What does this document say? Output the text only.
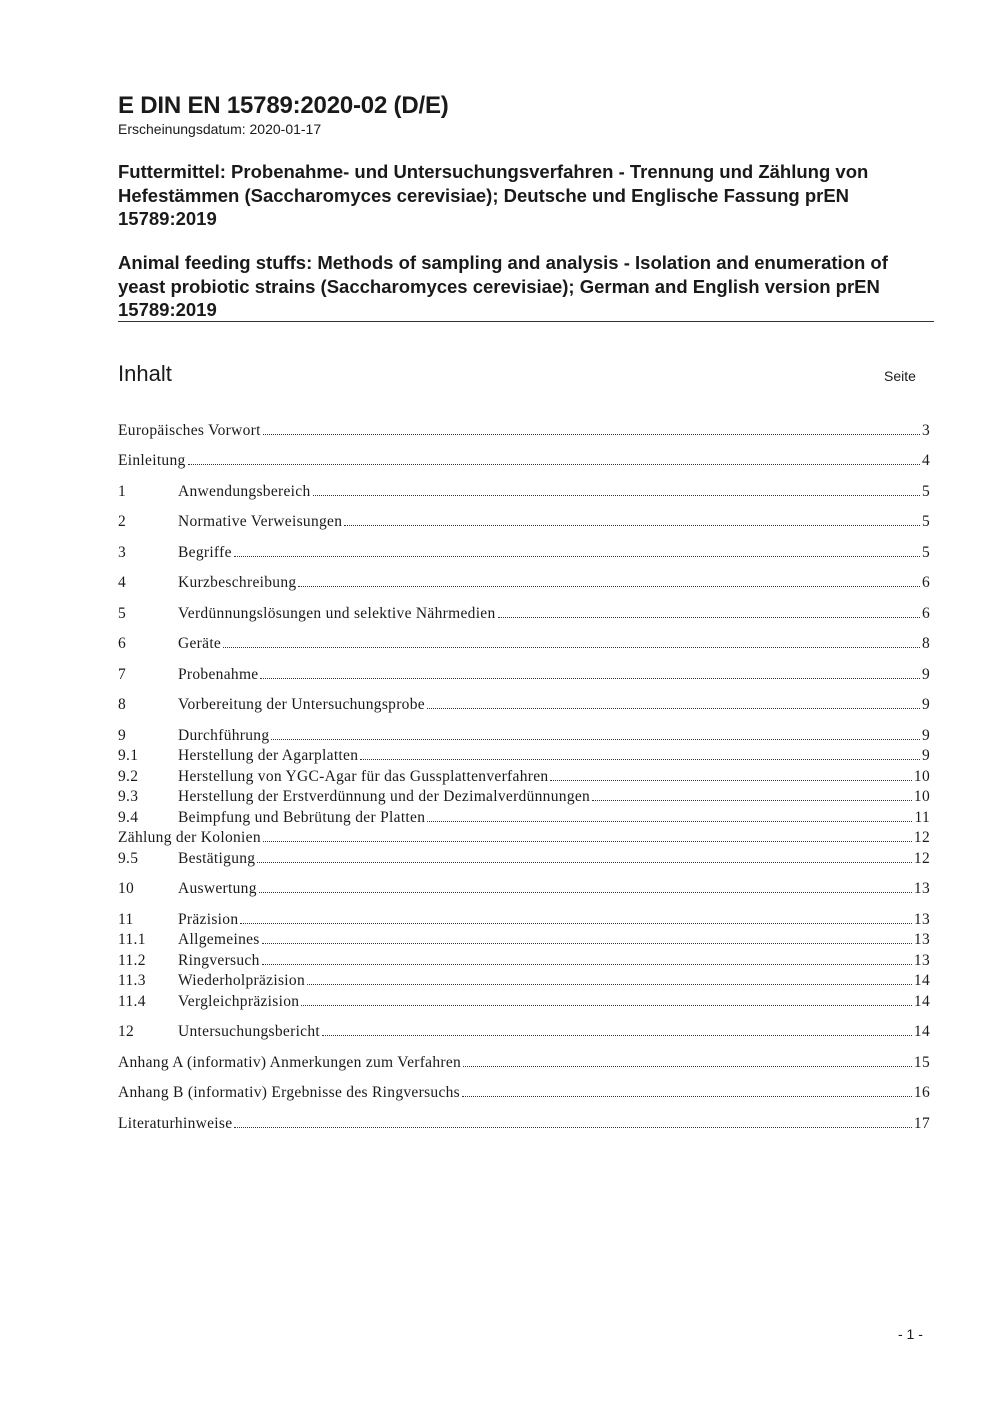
E DIN EN 15789:2020-02 (D/E)
Erscheinungsdatum: 2020-01-17
Futtermittel: Probenahme- und Untersuchungsverfahren - Trennung und Zählung von Hefestämmen (Saccharomyces cerevisiae); Deutsche und Englische Fassung prEN 15789:2019
Animal feeding stuffs: Methods of sampling and analysis - Isolation and enumeration of yeast probiotic strains (Saccharomyces cerevisiae); German and English version prEN 15789:2019
Inhalt	Seite
Europäisches Vorwort	3
Einleitung	4
1	Anwendungsbereich	5
2	Normative Verweisungen	5
3	Begriffe	5
4	Kurzbeschreibung	6
5	Verdünnungslösungen und selektive Nährmedien	6
6	Geräte	8
7	Probenahme	9
8	Vorbereitung der Untersuchungsprobe	9
9	Durchführung	9
9.1	Herstellung der Agarplatten	9
9.2	Herstellung von YGC-Agar für das Gussplattenverfahren	10
9.3	Herstellung der Erstverdünnung und der Dezimalverdünnungen	10
9.4	Beimpfung und Bebrütung der Platten	11
Zählung der Kolonien	12
9.5	Bestätigung	12
10	Auswertung	13
11	Präzision	13
11.1	Allgemeines	13
11.2	Ringversuch	13
11.3	Wiederholpräzision	14
11.4	Vergleichpräzision	14
12	Untersuchungsbericht	14
Anhang A (informativ) Anmerkungen zum Verfahren	15
Anhang B (informativ) Ergebnisse des Ringversuchs	16
Literaturhinweise	17
- 1 -
